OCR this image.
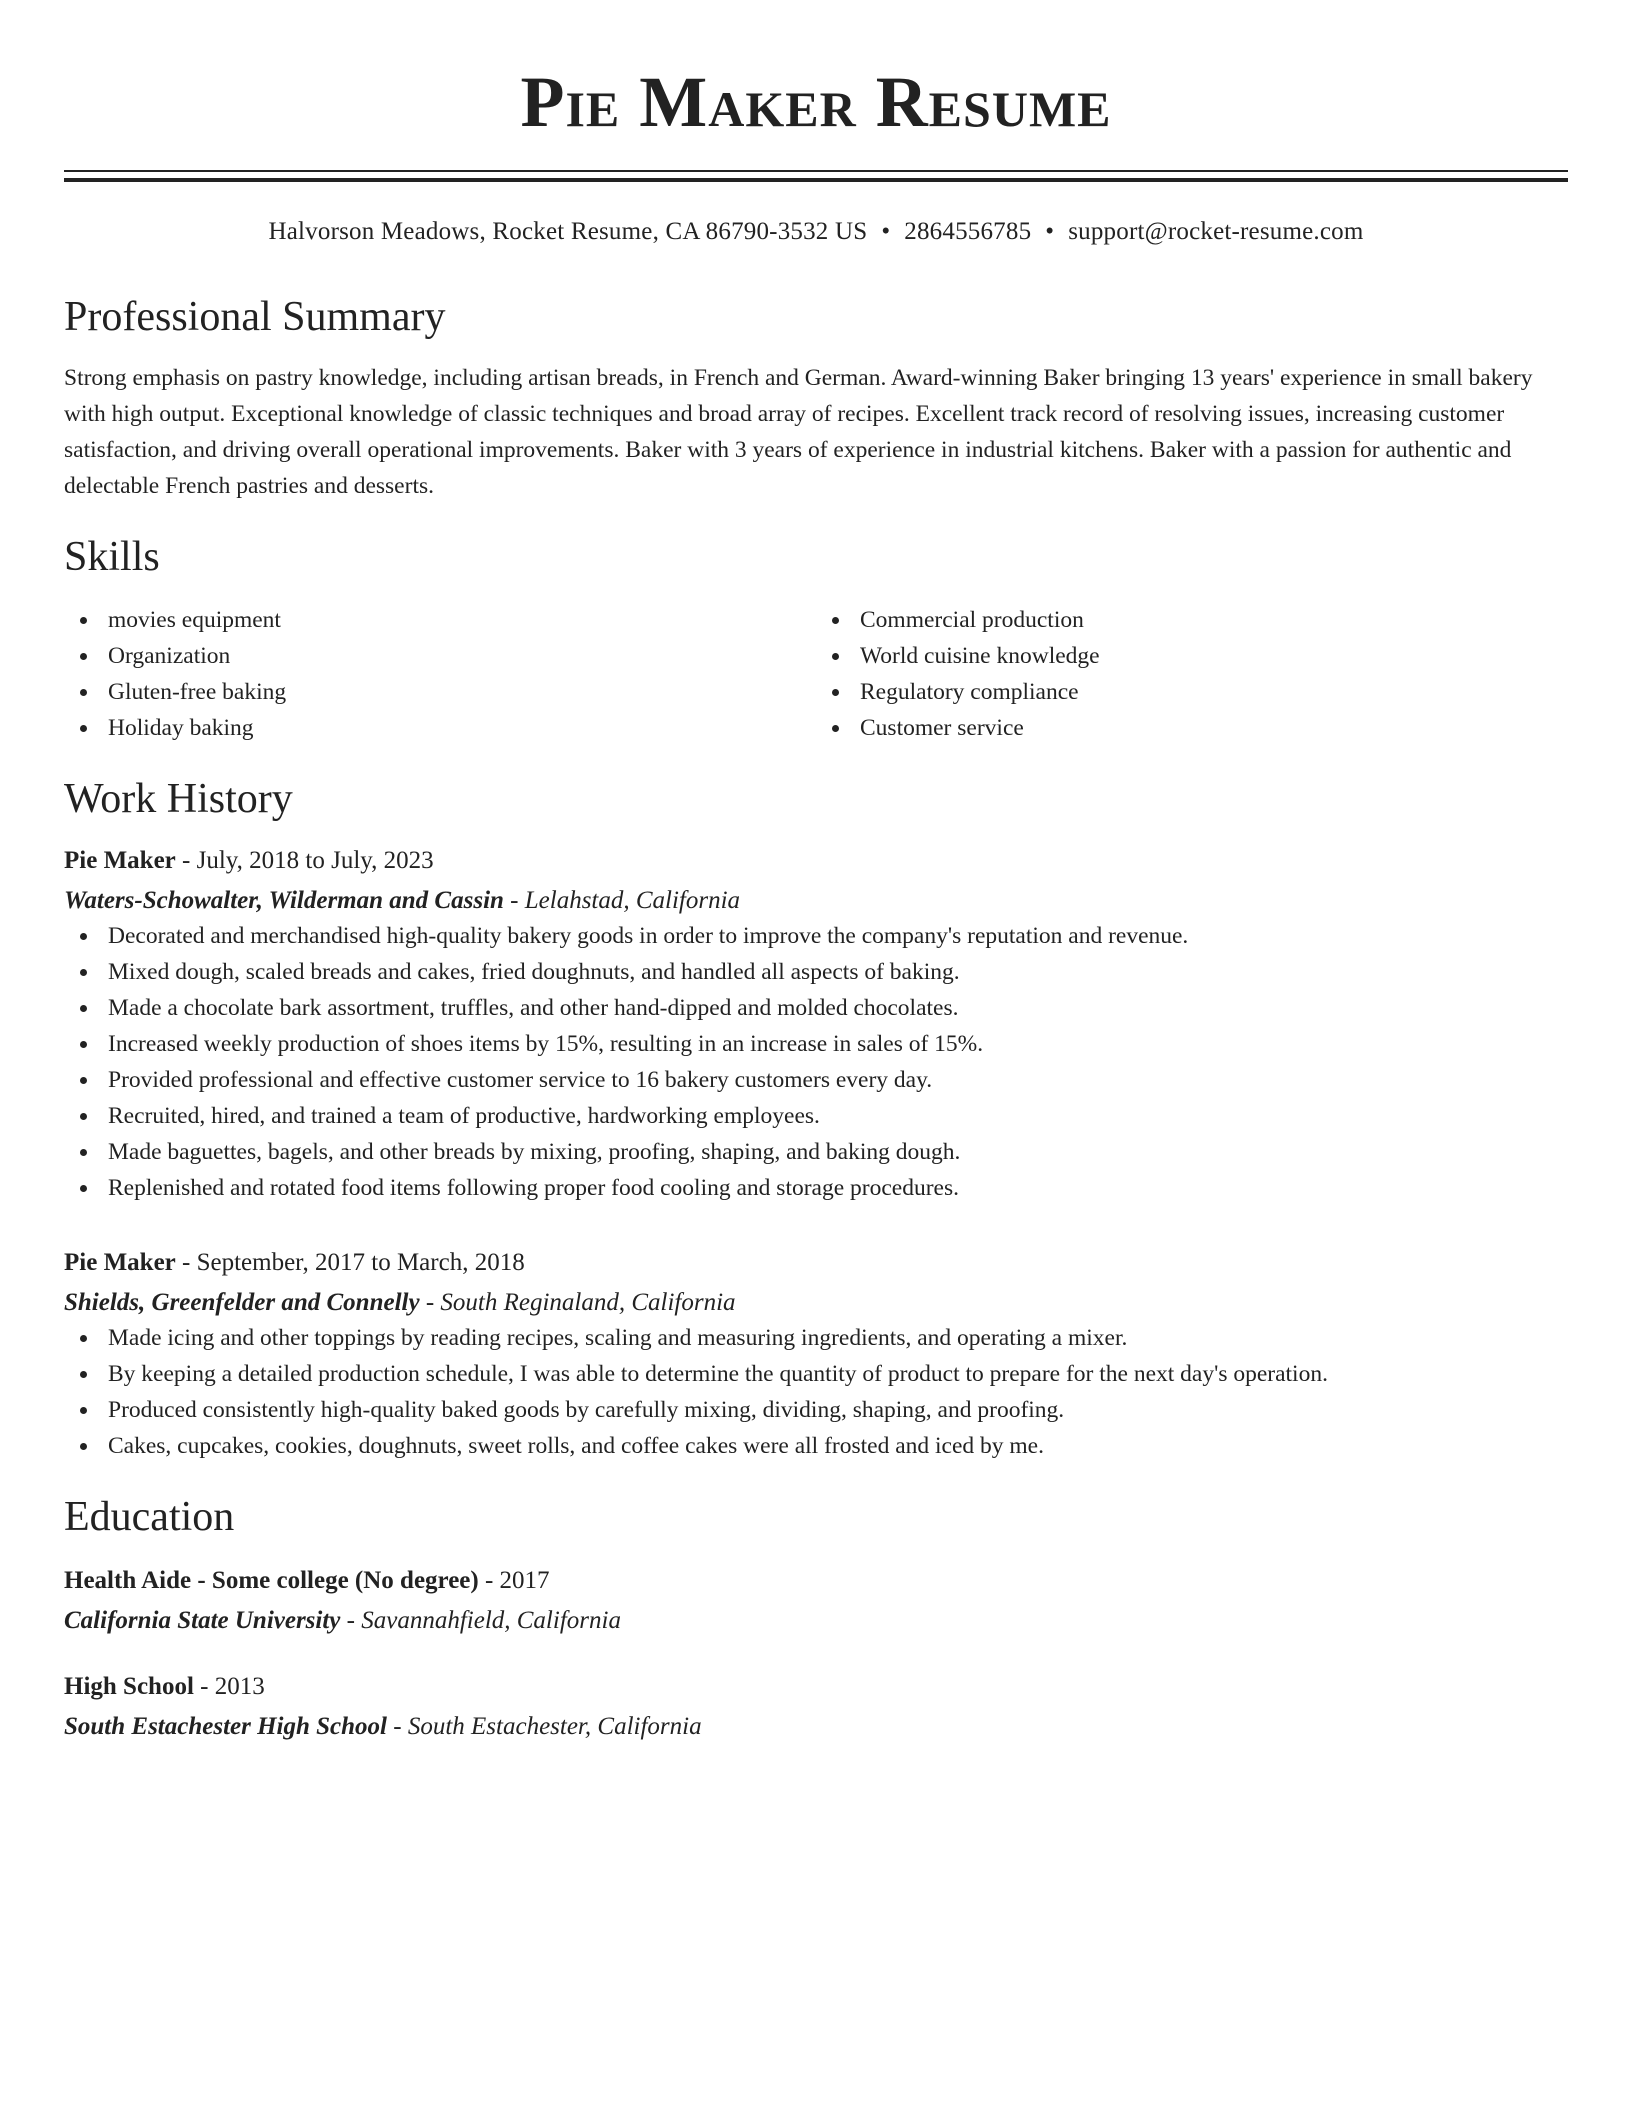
Pie Maker Resume
Halvorson Meadows, Rocket Resume, CA 86790-3532 US • 2864556785 • support@rocket-resume.com
Professional Summary

Strong emphasis on pastry knowledge, including artisan breads, in French and German. Award-winning Baker bringing 13 years' experience in small bakery with high output. Exceptional knowledge of classic techniques and broad array of recipes. Excellent track record of resolving issues, increasing customer satisfaction, and driving overall operational improvements. Baker with 3 years of experience in industrial kitchens. Baker with a passion for authentic and delectable French pastries and desserts.

Skills
movies equipment
Organization
Gluten-free baking
Holiday baking
Commercial production
World cuisine knowledge
Regulatory compliance
Customer service
Work History
Pie Maker - July, 2018 to July, 2023
Waters-Schowalter, Wilderman and Cassin - Lelahstad, California
Decorated and merchandised high-quality bakery goods in order to improve the company's reputation and revenue.
Mixed dough, scaled breads and cakes, fried doughnuts, and handled all aspects of baking.
Made a chocolate bark assortment, truffles, and other hand-dipped and molded chocolates.
Increased weekly production of shoes items by 15%, resulting in an increase in sales of 15%.
Provided professional and effective customer service to 16 bakery customers every day.
Recruited, hired, and trained a team of productive, hardworking employees.
Made baguettes, bagels, and other breads by mixing, proofing, shaping, and baking dough.
Replenished and rotated food items following proper food cooling and storage procedures.
Pie Maker - September, 2017 to March, 2018
Shields, Greenfelder and Connelly - South Reginaland, California
Made icing and other toppings by reading recipes, scaling and measuring ingredients, and operating a mixer.
By keeping a detailed production schedule, I was able to determine the quantity of product to prepare for the next day's operation.
Produced consistently high-quality baked goods by carefully mixing, dividing, shaping, and proofing.
Cakes, cupcakes, cookies, doughnuts, sweet rolls, and coffee cakes were all frosted and iced by me.
Education
Health Aide - Some college (No degree) - 2017
California State University - Savannahfield, California
High School - 2013
South Estachester High School - South Estachester, California
